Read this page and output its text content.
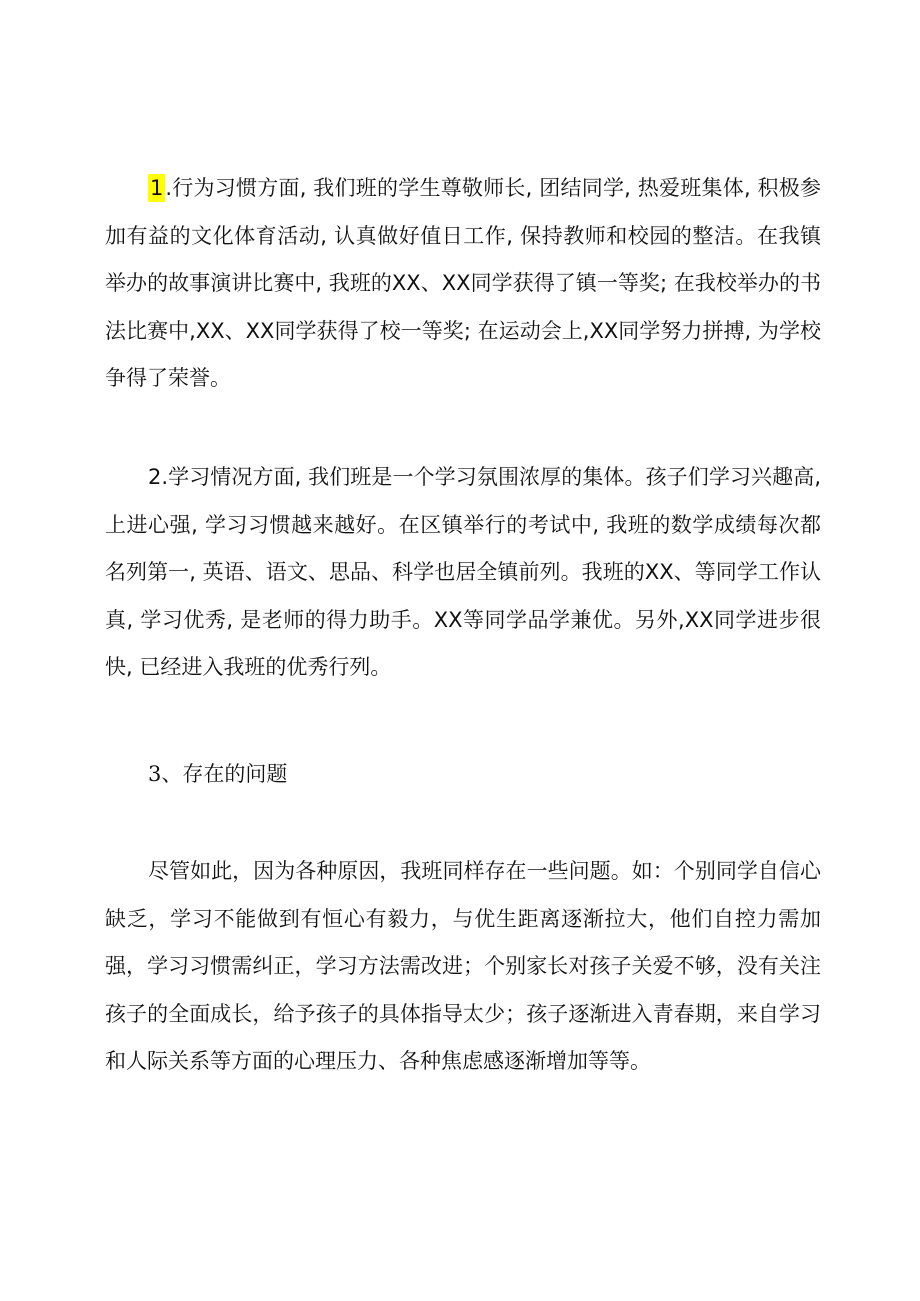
1.行为习惯方面, 我们班的学生尊敬师长, 团结同学, 热爱班集体, 积极参加有益的文化体育活动, 认真做好值日工作, 保持教师和校园的整洁。在我镇举办的故事演讲比赛中, 我班的XX、XX同学获得了镇一等奖; 在我校举办的书法比赛中,XX、XX同学获得了校一等奖; 在运动会上,XX同学努力拼搏, 为学校争得了荣誉。

2.学习情况方面, 我们班是一个学习氛围浓厚的集体。孩子们学习兴趣高, 上进心强, 学习习惯越来越好。在区镇举行的考试中, 我班的数学成绩每次都名列第一, 英语、语文、思品、科学也居全镇前列。我班的XX、等同学工作认真, 学习优秀, 是老师的得力助手。XX等同学品学兼优。另外,XX同学进步很快, 已经进入我班的优秀行列。

3、存在的问题

尽管如此，因为各种原因，我班同样存在一些问题。如：个别同学自信心缺乏，学习不能做到有恒心有毅力，与优生距离逐渐拉大，他们自控力需加强，学习习惯需纠正，学习方法需改进；个别家长对孩子关爱不够，没有关注孩子的全面成长，给予孩子的具体指导太少；孩子逐渐进入青春期，来自学习和人际关系等方面的心理压力、各种焦虑感逐渐增加等等。
